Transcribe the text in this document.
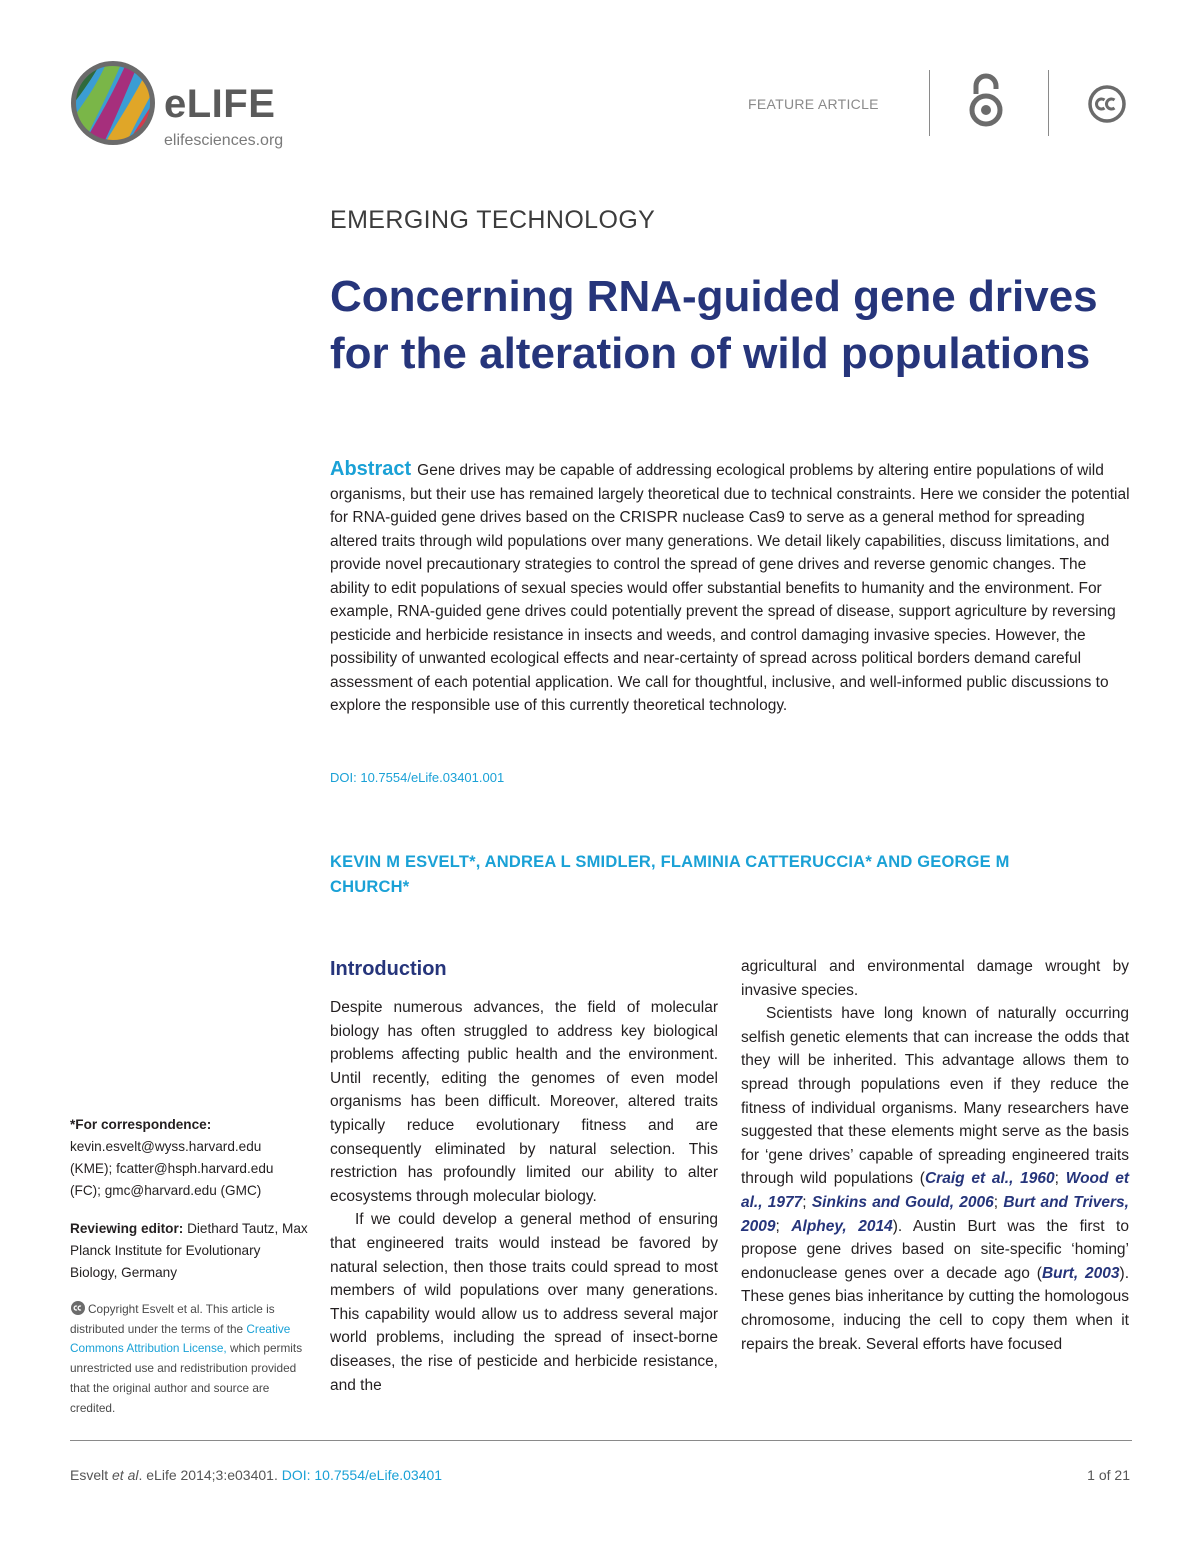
eLIFE
elifesciences.org
FEATURE ARTICLE
EMERGING TECHNOLOGY
Concerning RNA-guided gene drives for the alteration of wild populations
Abstract Gene drives may be capable of addressing ecological problems by altering entire populations of wild organisms, but their use has remained largely theoretical due to technical constraints. Here we consider the potential for RNA-guided gene drives based on the CRISPR nuclease Cas9 to serve as a general method for spreading altered traits through wild populations over many generations. We detail likely capabilities, discuss limitations, and provide novel precautionary strategies to control the spread of gene drives and reverse genomic changes. The ability to edit populations of sexual species would offer substantial benefits to humanity and the environment. For example, RNA-guided gene drives could potentially prevent the spread of disease, support agriculture by reversing pesticide and herbicide resistance in insects and weeds, and control damaging invasive species. However, the possibility of unwanted ecological effects and near-certainty of spread across political borders demand careful assessment of each potential application. We call for thoughtful, inclusive, and well-informed public discussions to explore the responsible use of this currently theoretical technology.
DOI: 10.7554/eLife.03401.001
KEVIN M ESVELT*, ANDREA L SMIDLER, FLAMINIA CATTERUCCIA* AND GEORGE M CHURCH*
*For correspondence:
kevin.esvelt@wyss.harvard.edu
(KME); fcatter@hsph.harvard.edu
(FC); gmc@harvard.edu (GMC)
Reviewing editor: Diethard Tautz, Max Planck Institute for Evolutionary Biology, Germany
Copyright Esvelt et al. This article is distributed under the terms of the Creative Commons Attribution License, which permits unrestricted use and redistribution provided that the original author and source are credited.
Introduction

Despite numerous advances, the field of molecular biology has often struggled to address key biological problems affecting public health and the environment. Until recently, editing the genomes of even model organisms has been difficult. Moreover, altered traits typically reduce evolutionary fitness and are consequently eliminated by natural selection. This restriction has profoundly limited our ability to alter ecosystems through molecular biology.

If we could develop a general method of ensuring that engineered traits would instead be favored by natural selection, then those traits could spread to most members of wild populations over many generations. This capability would allow us to address several major world problems, including the spread of insect-borne diseases, the rise of pesticide and herbicide resistance, and the

agricultural and environmental damage wrought by invasive species.

Scientists have long known of naturally occurring selfish genetic elements that can increase the odds that they will be inherited. This advantage allows them to spread through populations even if they reduce the fitness of individual organisms. Many researchers have suggested that these elements might serve as the basis for ‘gene drives’ capable of spreading engineered traits through wild populations (Craig et al., 1960; Wood et al., 1977; Sinkins and Gould, 2006; Burt and Trivers, 2009; Alphey, 2014). Austin Burt was the first to propose gene drives based on site-specific ‘homing’ endonuclease genes over a decade ago (Burt, 2003). These genes bias inheritance by cutting the homologous chromosome, inducing the cell to copy them when it repairs the break. Several efforts have focused

Esvelt et al. eLife 2014;3:e03401. DOI: 10.7554/eLife.03401	1 of 21
